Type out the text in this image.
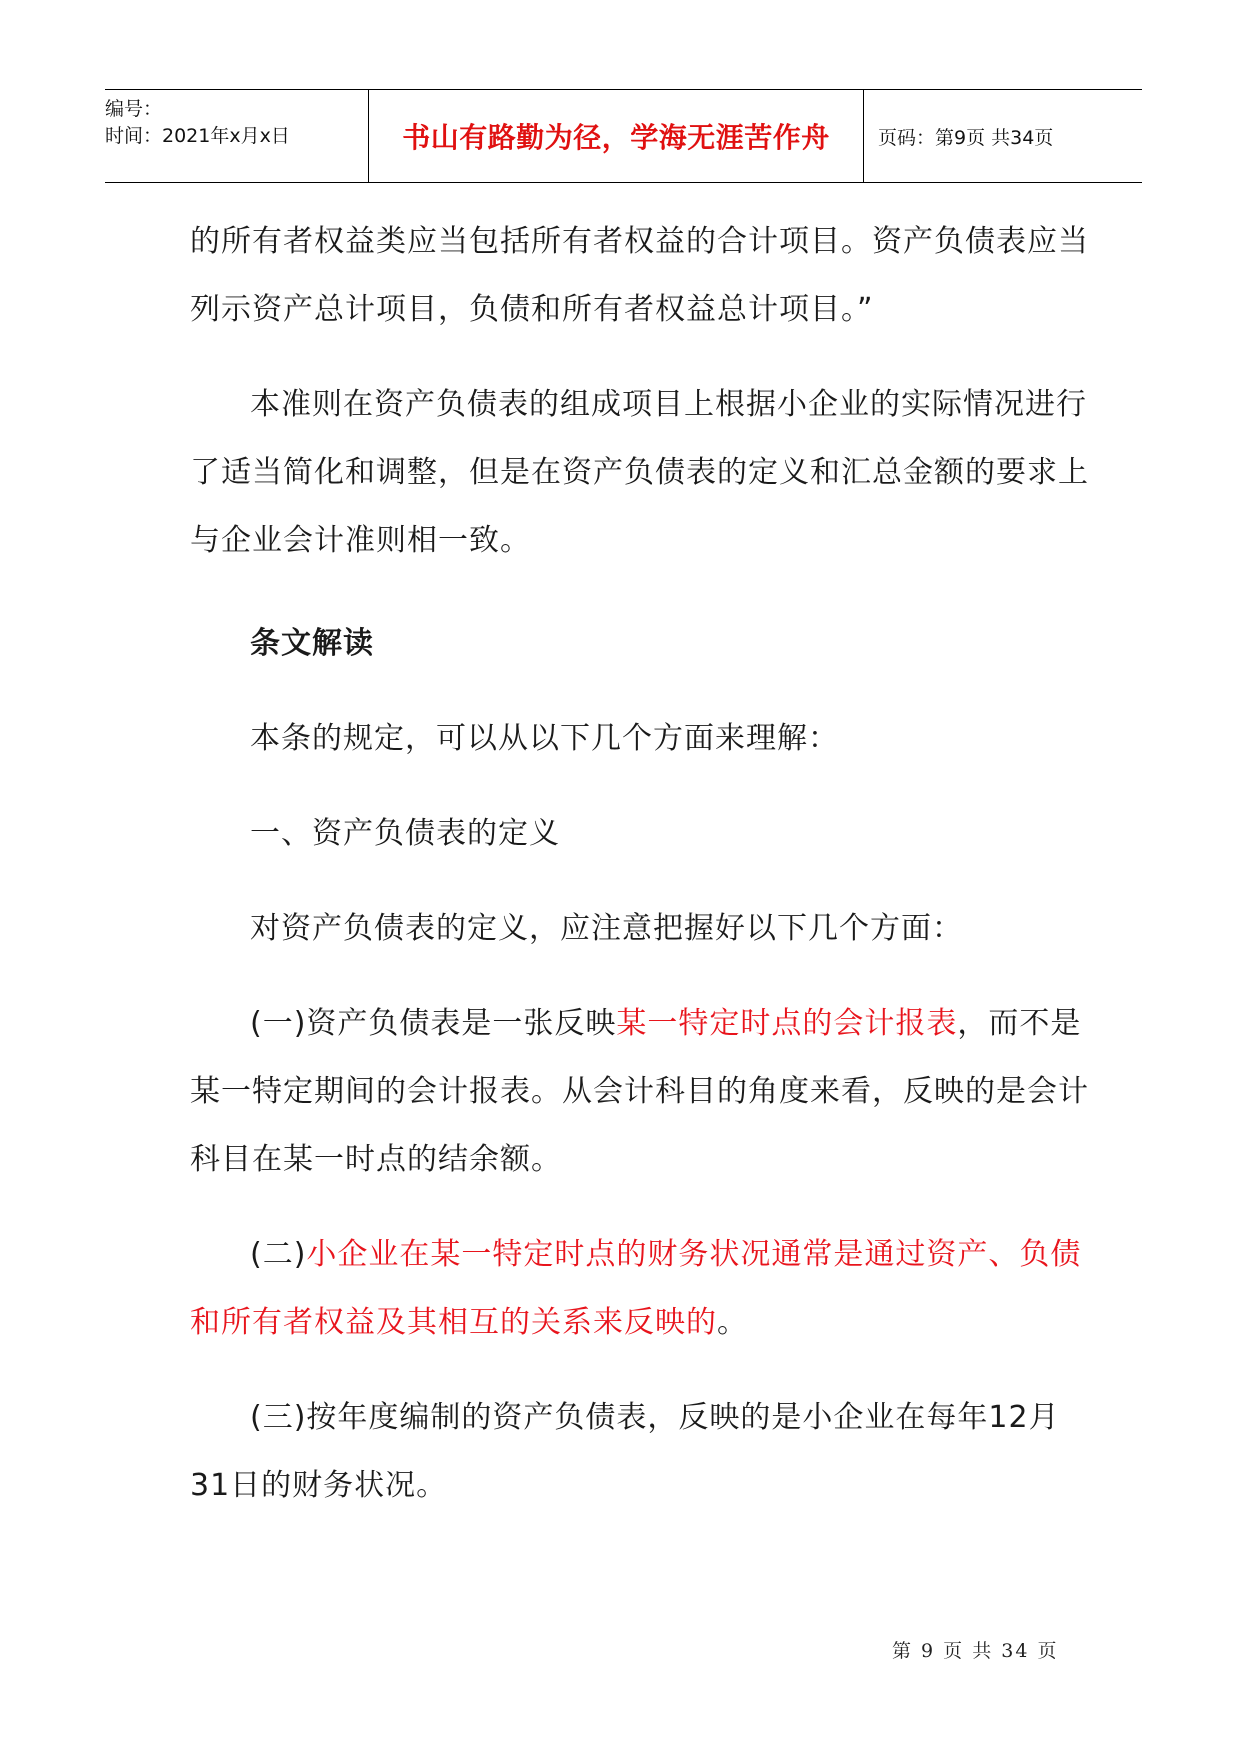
编号：
时间：2021年x月x日	书山有路勤为径，学海无涯苦作舟	页码：第9页 共34页

的所有者权益类应当包括所有者权益的合计项目。资产负债表应当列示资产总计项目，负债和所有者权益总计项目。”

本准则在资产负债表的组成项目上根据小企业的实际情况进行了适当简化和调整，但是在资产负债表的定义和汇总金额的要求上与企业会计准则相一致。

条文解读

本条的规定，可以从以下几个方面来理解：

一、资产负债表的定义

对资产负债表的定义，应注意把握好以下几个方面：

(一)资产负债表是一张反映某一特定时点的会计报表，而不是某一特定期间的会计报表。从会计科目的角度来看，反映的是会计科目在某一时点的结余额。

(二)小企业在某一特定时点的财务状况通常是通过资产、负债和所有者权益及其相互的关系来反映的。

(三)按年度编制的资产负债表，反映的是小企业在每年12月31日的财务状况。

第 9 页 共 34 页
